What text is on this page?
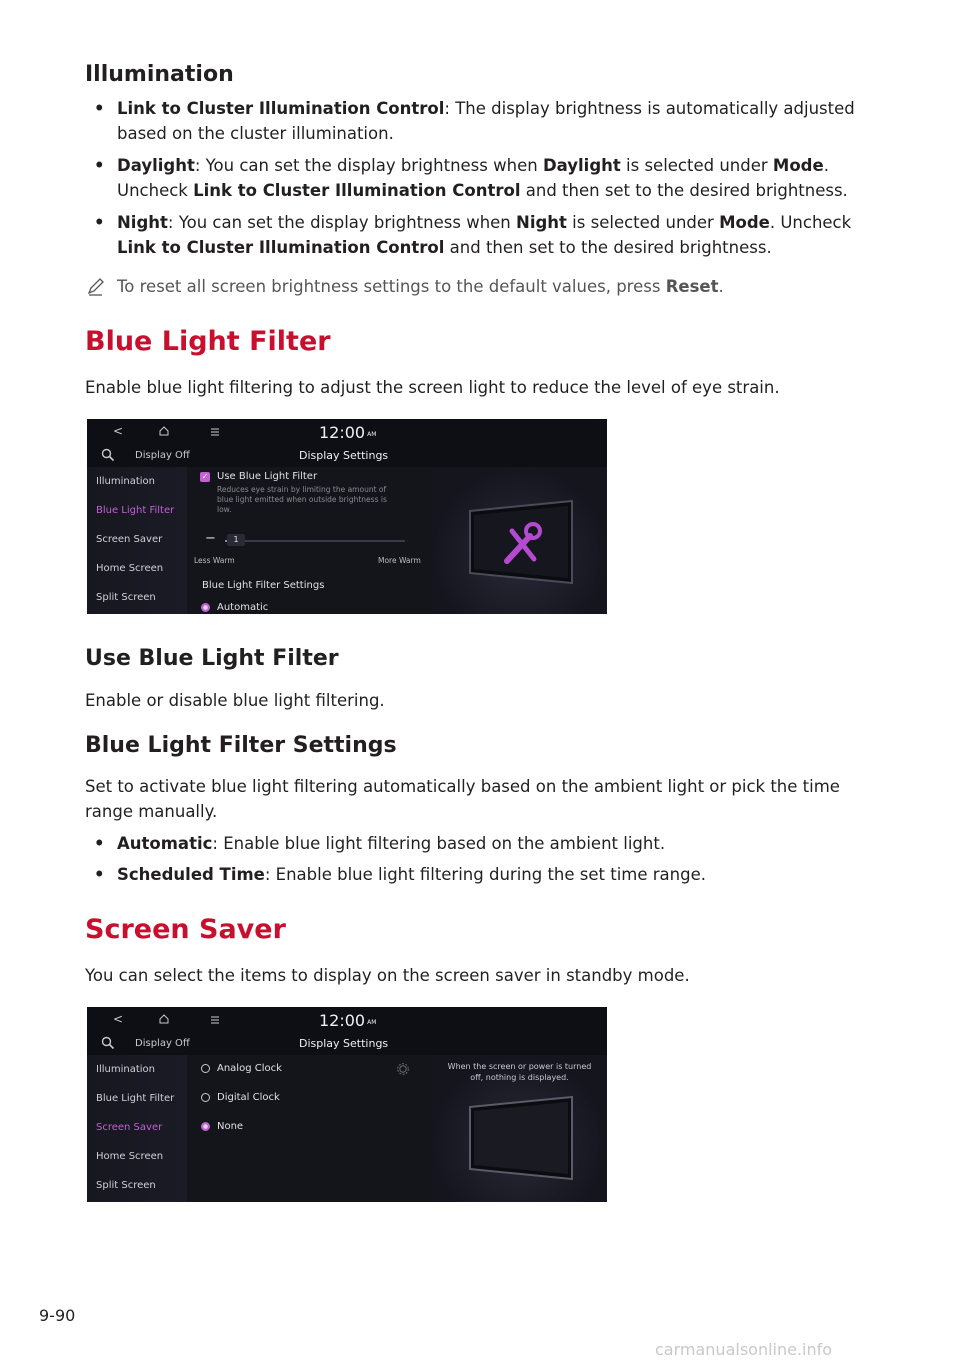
Illumination
• Link to Cluster Illumination Control: The display brightness is automatically adjusted based on the cluster illumination.
• Daylight: You can set the display brightness when Daylight is selected under Mode. Uncheck Link to Cluster Illumination Control and then set to the desired brightness.
• Night: You can set the display brightness when Night is selected under Mode. Uncheck Link to Cluster Illumination Control and then set to the desired brightness.
To reset all screen brightness settings to the default values, press Reset.
Blue Light Filter
Enable blue light filtering to adjust the screen light to reduce the level of eye strain.
<	12:00 AM
Display Off	Display Settings
Illumination
Blue Light Filter
Screen Saver
Home Screen
Split Screen
✓ Use Blue Light Filter
Reduces eye strain by limiting the amount of
blue light emitted when outside brightness is
low.
−	1
Less Warm	More Warm
Blue Light Filter Settings
Automatic
Use Blue Light Filter
Enable or disable blue light filtering.
Blue Light Filter Settings
Set to activate blue light filtering automatically based on the ambient light or pick the time range manually.
• Automatic: Enable blue light filtering based on the ambient light.
• Scheduled Time: Enable blue light filtering during the set time range.
Screen Saver
You can select the items to display on the screen saver in standby mode.
<	12:00 AM
Display Off	Display Settings
Illumination
Blue Light Filter
Screen Saver
Home Screen
Split Screen
Analog Clock
Digital Clock
None
When the screen or power is turned
off, nothing is displayed.
9-90
carmanualsonline.info
